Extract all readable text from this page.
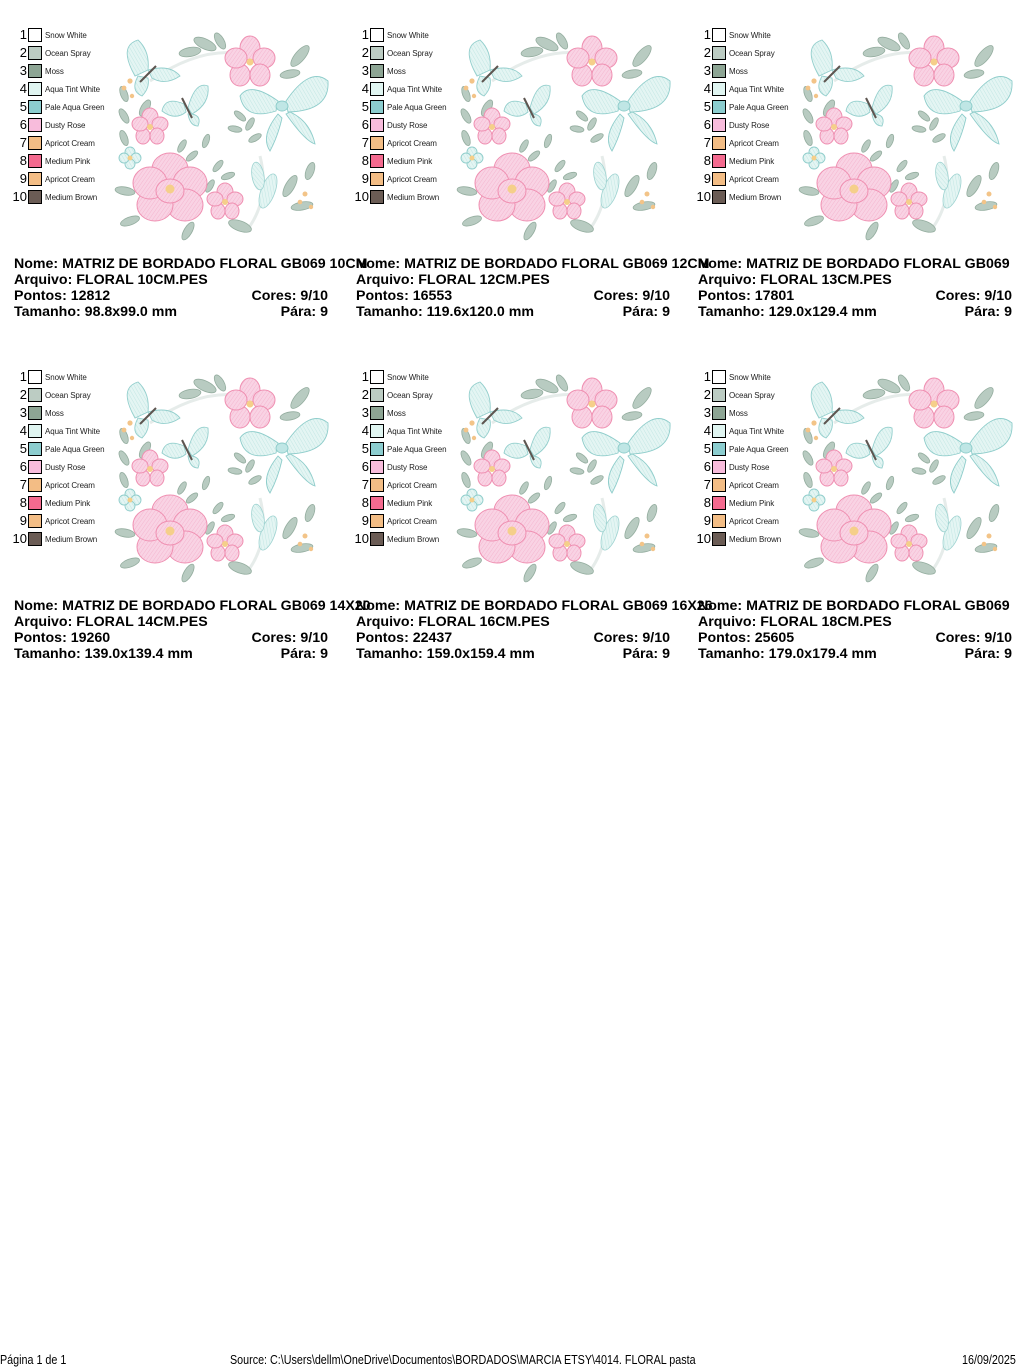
1 Snow White
2 Ocean Spray
3 Moss
4 Aqua Tint White
5 Pale Aqua Green
6 Dusty Rose
7 Apricot Cream
8 Medium Pink
9 Apricot Cream
10 Medium Brown
Nome: MATRIZ DE BORDADO FLORAL GB069 10CM
Arquivo: FLORAL 10CM.PES
Pontos: 12812	Cores: 9/10
Tamanho: 98.8x99.0 mm	Pára: 9
1 Snow White
2 Ocean Spray
3 Moss
4 Aqua Tint White
5 Pale Aqua Green
6 Dusty Rose
7 Apricot Cream
8 Medium Pink
9 Apricot Cream
10 Medium Brown
Nome: MATRIZ DE BORDADO FLORAL GB069 12CM
Arquivo: FLORAL 12CM.PES
Pontos: 16553	Cores: 9/10
Tamanho: 119.6x120.0 mm	Pára: 9
1 Snow White
2 Ocean Spray
3 Moss
4 Aqua Tint White
5 Pale Aqua Green
6 Dusty Rose
7 Apricot Cream
8 Medium Pink
9 Apricot Cream
10 Medium Brown
Nome: MATRIZ DE BORDADO FLORAL GB069
Arquivo: FLORAL 13CM.PES
Pontos: 17801	Cores: 9/10
Tamanho: 129.0x129.4 mm	Pára: 9
1 Snow White
2 Ocean Spray
3 Moss
4 Aqua Tint White
5 Pale Aqua Green
6 Dusty Rose
7 Apricot Cream
8 Medium Pink
9 Apricot Cream
10 Medium Brown
Nome: MATRIZ DE BORDADO FLORAL GB069 14X20
Arquivo: FLORAL 14CM.PES
Pontos: 19260	Cores: 9/10
Tamanho: 139.0x139.4 mm	Pára: 9
1 Snow White
2 Ocean Spray
3 Moss
4 Aqua Tint White
5 Pale Aqua Green
6 Dusty Rose
7 Apricot Cream
8 Medium Pink
9 Apricot Cream
10 Medium Brown
Nome: MATRIZ DE BORDADO FLORAL GB069 16X26
Arquivo: FLORAL 16CM.PES
Pontos: 22437	Cores: 9/10
Tamanho: 159.0x159.4 mm	Pára: 9
1 Snow White
2 Ocean Spray
3 Moss
4 Aqua Tint White
5 Pale Aqua Green
6 Dusty Rose
7 Apricot Cream
8 Medium Pink
9 Apricot Cream
10 Medium Brown
Nome: MATRIZ DE BORDADO FLORAL GB069
Arquivo: FLORAL 18CM.PES
Pontos: 25605	Cores: 9/10
Tamanho: 179.0x179.4 mm	Pára: 9
Página 1 de 1	Source: C:\Users\dellm\OneDrive\Documentos\BORDADOS\MARCIA ETSY\4014. FLORAL pasta	16/09/2025
